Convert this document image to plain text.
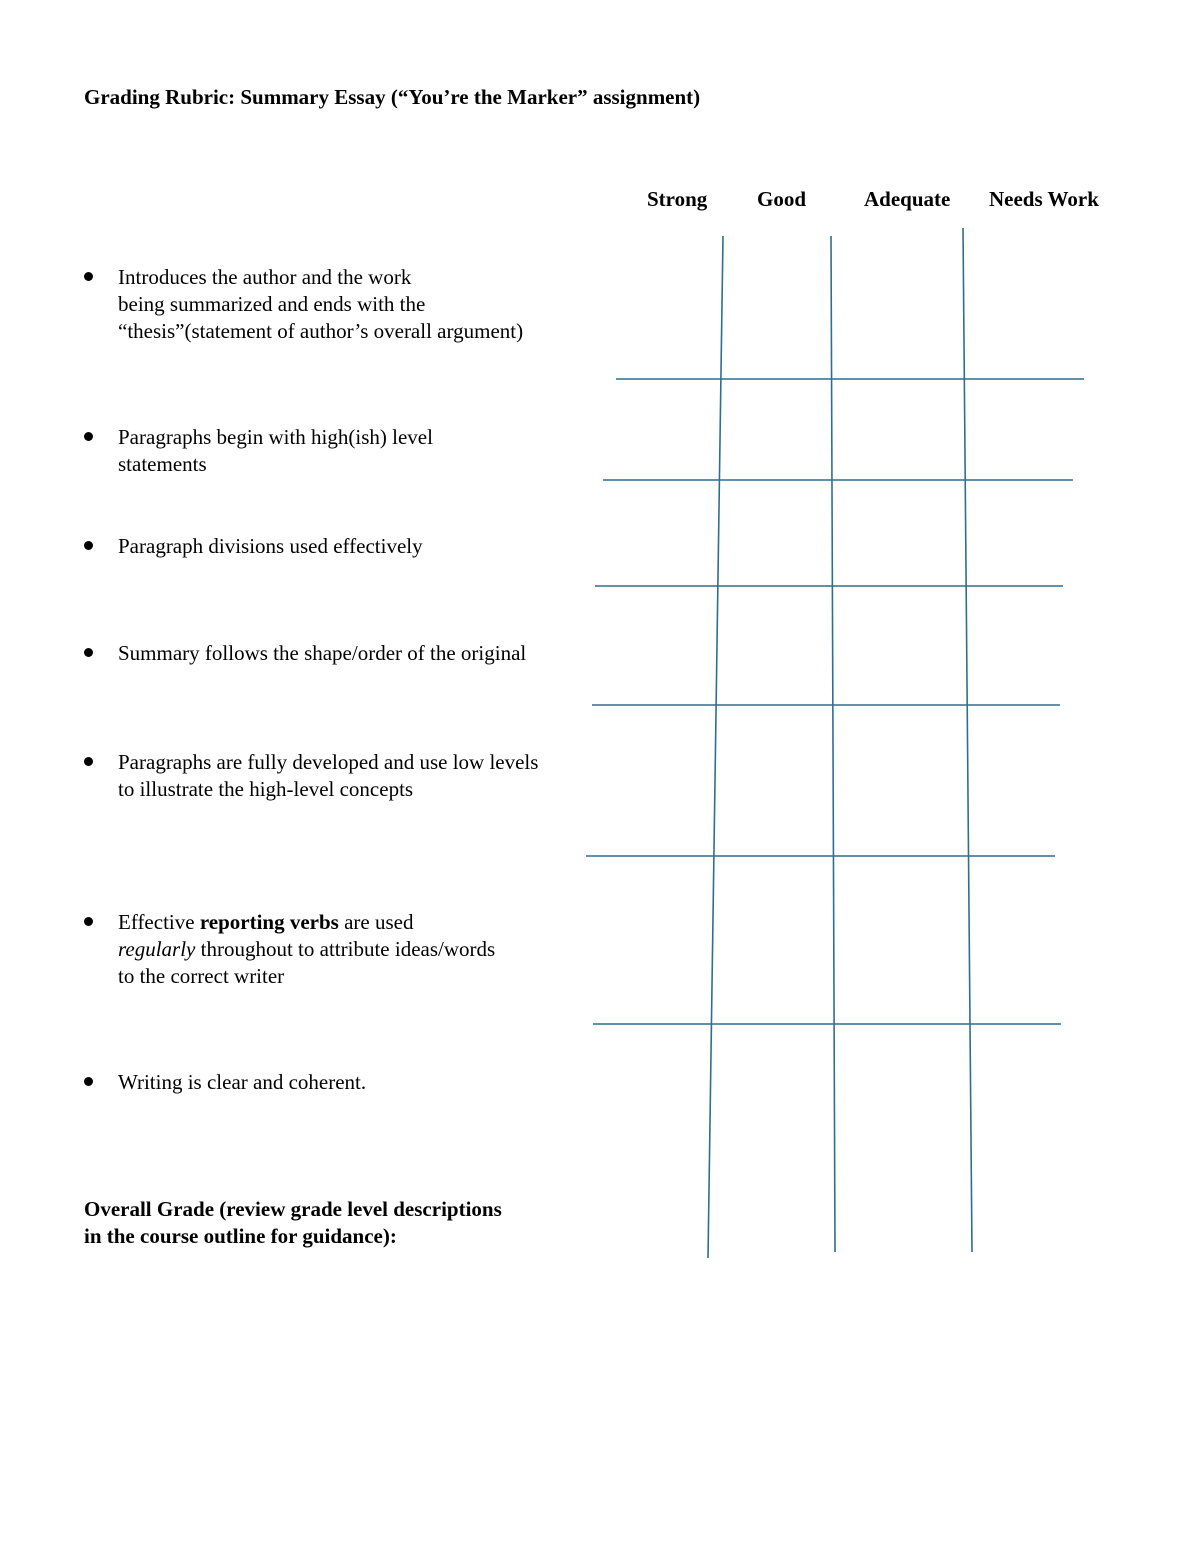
Grading Rubric: Summary Essay (“You’re the Marker” assignment)
Strong Good	Adequate Needs Work
Introduces the author and the work
being summarized and ends with the
“thesis”(statement of author’s overall argument)
Paragraphs begin with high(ish) level
statements
Paragraph divisions used effectively
Summary follows the shape/order of the original
Paragraphs are fully developed and use low levels
to illustrate the high-level concepts
Effective reporting verbs are used
regularly throughout to attribute ideas/words
to the correct writer
Writing is clear and coherent.
Overall Grade (review grade level descriptions
in the course outline for guidance):
